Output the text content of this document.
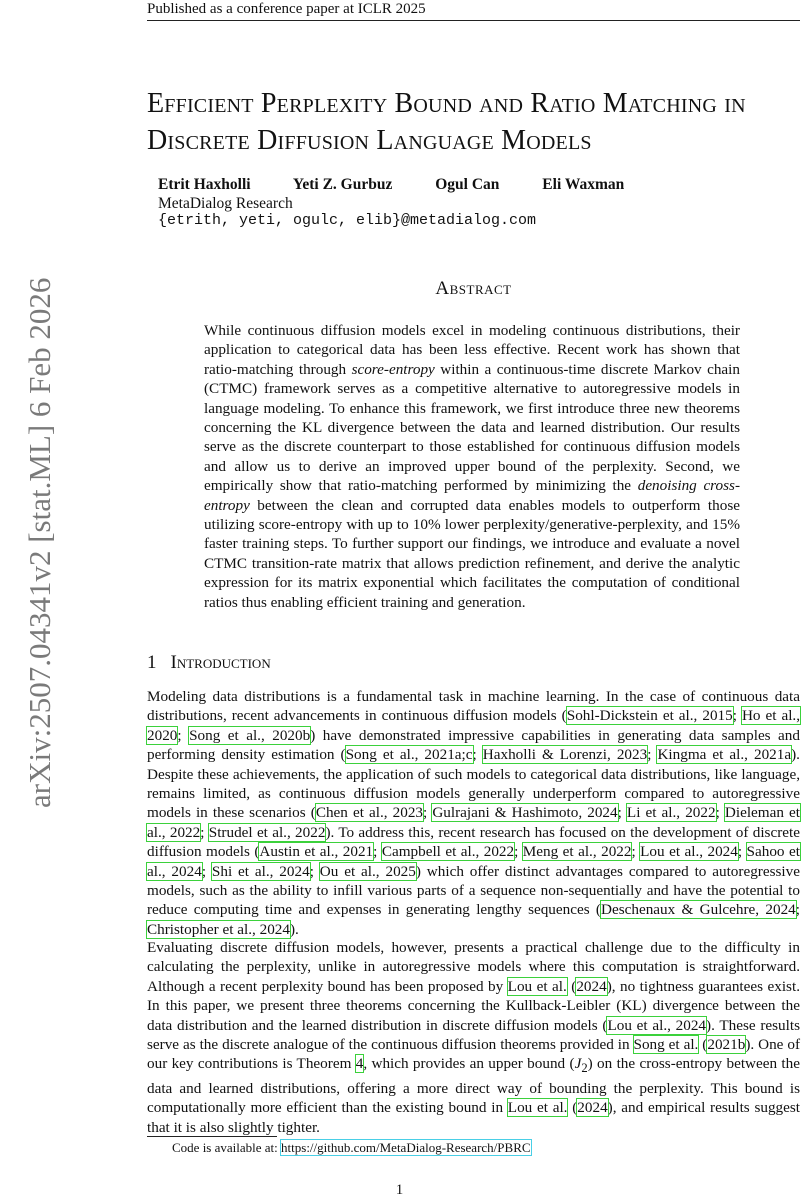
Published as a conference paper at ICLR 2025
arXiv:2507.04341v2 [stat.ML] 6 Feb 2026
Efficient Perplexity Bound and Ratio Matching in Discrete Diffusion Language Models
Etrit Haxholli	Yeti Z. Gurbuz	Ogul Can	Eli Waxman
MetaDialog Research
{etrith, yeti, ogulc, elib}@metadialog.com
Abstract
While continuous diffusion models excel in modeling continuous distributions, their application to categorical data has been less effective. Recent work has shown that ratio-matching through score-entropy within a continuous-time discrete Markov chain (CTMC) framework serves as a competitive alternative to autoregressive models in language modeling. To enhance this framework, we first introduce three new theorems concerning the KL divergence between the data and learned distribution. Our results serve as the discrete counterpart to those established for continuous diffusion models and allow us to derive an improved upper bound of the perplexity. Second, we empirically show that ratio-matching performed by minimizing the denoising cross-entropy between the clean and corrupted data enables models to outperform those utilizing score-entropy with up to 10% lower perplexity/generative-perplexity, and 15% faster training steps. To further support our findings, we introduce and evaluate a novel CTMC transition-rate matrix that allows prediction refinement, and derive the analytic expression for its matrix exponential which facilitates the computation of conditional ratios thus enabling efficient training and generation.
1 Introduction
Modeling data distributions is a fundamental task in machine learning. In the case of continuous data distributions, recent advancements in continuous diffusion models (Sohl-Dickstein et al., 2015; Ho et al., 2020; Song et al., 2020b) have demonstrated impressive capabilities in generating data samples and performing density estimation (Song et al., 2021a;c; Haxholli & Lorenzi, 2023; Kingma et al., 2021a). Despite these achievements, the application of such models to categorical data distributions, like language, remains limited, as continuous diffusion models generally underperform compared to autoregressive models in these scenarios (Chen et al., 2023; Gulrajani & Hashimoto, 2024; Li et al., 2022; Dieleman et al., 2022; Strudel et al., 2022). To address this, recent research has focused on the development of discrete diffusion models (Austin et al., 2021; Campbell et al., 2022; Meng et al., 2022; Lou et al., 2024; Sahoo et al., 2024; Shi et al., 2024; Ou et al., 2025) which offer distinct advantages compared to autoregressive models, such as the ability to infill various parts of a sequence non-sequentially and have the potential to reduce computing time and expenses in generating lengthy sequences (Deschenaux & Gulcehre, 2024; Christopher et al., 2024).
Evaluating discrete diffusion models, however, presents a practical challenge due to the difficulty in calculating the perplexity, unlike in autoregressive models where this computation is straightforward. Although a recent perplexity bound has been proposed by Lou et al. (2024), no tightness guarantees exist. In this paper, we present three theorems concerning the Kullback-Leibler (KL) divergence between the data distribution and the learned distribution in discrete diffusion models (Lou et al., 2024). These results serve as the discrete analogue of the continuous diffusion theorems provided in Song et al. (2021b). One of our key contributions is Theorem 4, which provides an upper bound $(J_2)$ on the cross-entropy between the data and learned distributions, offering a more direct way of bounding the perplexity. This bound is computationally more efficient than the existing bound in Lou et al. (2024), and empirical results suggest that it is also slightly tighter.
Code is available at: https://github.com/MetaDialog-Research/PBRC
1
